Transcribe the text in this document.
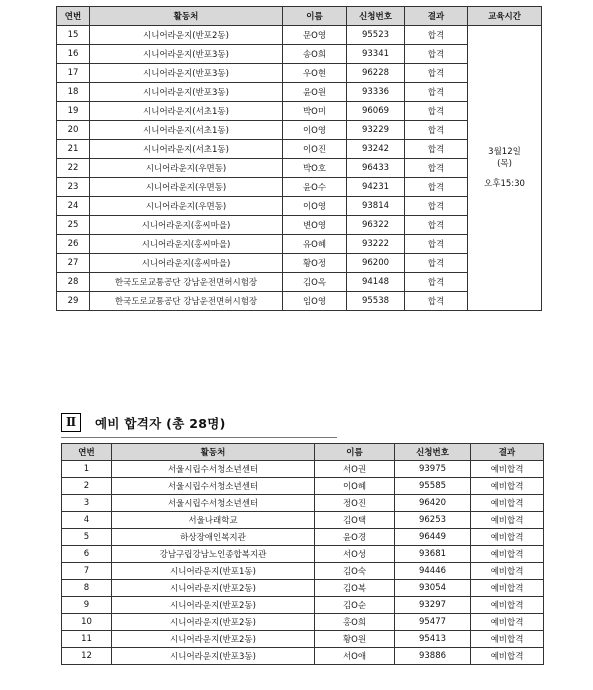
연번	활동처	이름	신청번호	결과	교육시간
15	시니어라운지(반포2동)	문O영	95523	합격	3월12일
(목)
오후15:30

16	시니어라운지(반포3동)	송O희	93341	합격	
17	시니어라운지(반포3동)	우O현	96228	합격	
18	시니어라운지(반포3동)	윤O원	93336	합격	
19	시니어라운지(서초1동)	박O미	96069	합격	
20	시니어라운지(서초1동)	이O영	93229	합격	
21	시니어라운지(서초1동)	이O진	93242	합격	
22	시니어라운지(우면동)	박O호	96433	합격	
23	시니어라운지(우면동)	윤O수	94231	합격	
24	시니어라운지(우면동)	이O영	93814	합격	
25	시니어라운지(홍씨마을)	변O영	96322	합격	
26	시니어라운지(홍씨마을)	유O혜	93222	합격	
27	시니어라운지(홍씨마을)	황O정	96200	합격	
28	한국도로교통공단 강남운전면허시험장	김O옥	94148	합격	
29	한국도로교통공단 강남운전면허시험장	임O영	95538	합격	
Ⅱ	예비 합격자 (총 28명)
연번	활동처	이름	신청번호	결과
1	서울시립수서청소년센터	서O권	93975	예비합격
2	서울시립수서청소년센터	이O혜	95585	예비합격
3	서울시립수서청소년센터	정O진	96420	예비합격
4	서울나래학교	김O택	96253	예비합격
5	하상장애인복지관	윤O경	96449	예비합격
6	강남구립강남노인종합복지관	서O성	93681	예비합격
7	시니어라운지(반포1동)	김O숙	94446	예비합격
8	시니어라운지(반포2동)	김O복	93054	예비합격
9	시니어라운지(반포2동)	김O순	93297	예비합격
10	시니어라운지(반포2동)	홍O희	95477	예비합격
11	시니어라운지(반포2동)	황O원	95413	예비합격
12	시니어라운지(반포3동)	서O애	93886	예비합격
